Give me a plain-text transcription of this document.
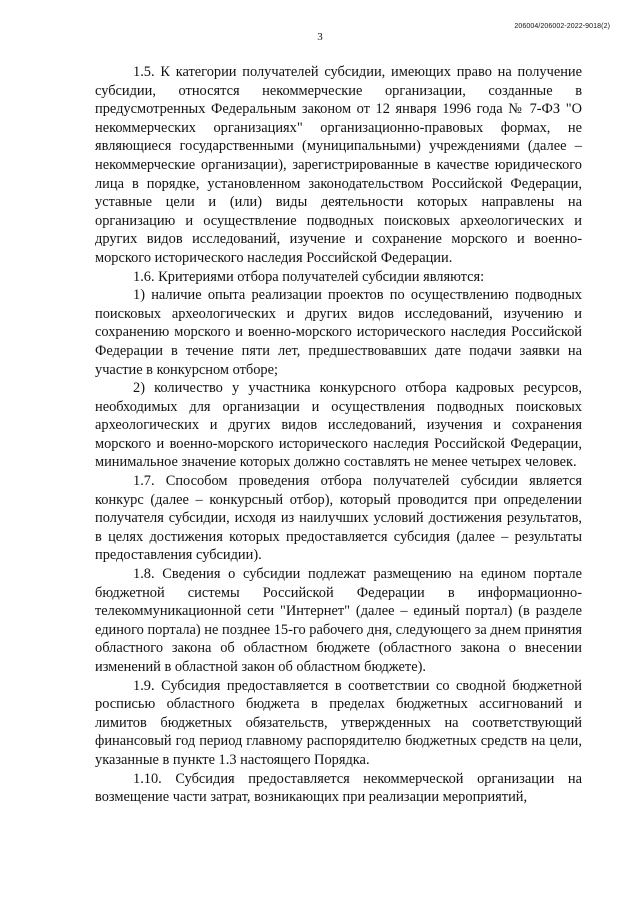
3
206004/206002-2022-9018(2)

1.5. К категории получателей субсидии, имеющих право на получение субсидии, относятся некоммерческие организации, созданные в предусмотренных Федеральным законом от 12 января 1996 года № 7-ФЗ "О некоммерческих организациях" организационно-правовых формах, не являющиеся государственными (муниципальными) учреждениями (далее – некоммерческие организации), зарегистрированные в качестве юридического лица в порядке, установленном законодательством Российской Федерации, уставные цели и (или) виды деятельности которых направлены на организацию и осуществление подводных поисковых археологических и других видов исследований, изучение и сохранение морского и военно-морского исторического наследия Российской Федерации.

1.6. Критериями отбора получателей субсидии являются:

1) наличие опыта реализации проектов по осуществлению подводных поисковых археологических и других видов исследований, изучению и сохранению морского и военно-морского исторического наследия Российской Федерации в течение пяти лет, предшествовавших дате подачи заявки на участие в конкурсном отборе;

2) количество у участника конкурсного отбора кадровых ресурсов, необходимых для организации и осуществления подводных поисковых археологических и других видов исследований, изучения и сохранения морского и военно-морского исторического наследия Российской Федерации, минимальное значение которых должно составлять не менее четырех человек.

1.7. Способом проведения отбора получателей субсидии является конкурс (далее – конкурсный отбор), который проводится при определении получателя субсидии, исходя из наилучших условий достижения результатов, в целях достижения которых предоставляется субсидия (далее – результаты предоставления субсидии).

1.8. Сведения о субсидии подлежат размещению на едином портале бюджетной системы Российской Федерации в информационно-телекоммуникационной сети "Интернет" (далее – единый портал) (в разделе единого портала) не позднее 15-го рабочего дня, следующего за днем принятия областного закона об областном бюджете (областного закона о внесении изменений в областной закон об областном бюджете).

1.9. Субсидия предоставляется в соответствии со сводной бюджетной росписью областного бюджета в пределах бюджетных ассигнований и лимитов бюджетных обязательств, утвержденных на соответствующий финансовый год период главному распорядителю бюджетных средств на цели, указанные в пункте 1.3 настоящего Порядка.

1.10. Субсидия предоставляется некоммерческой организации на возмещение части затрат, возникающих при реализации мероприятий,
